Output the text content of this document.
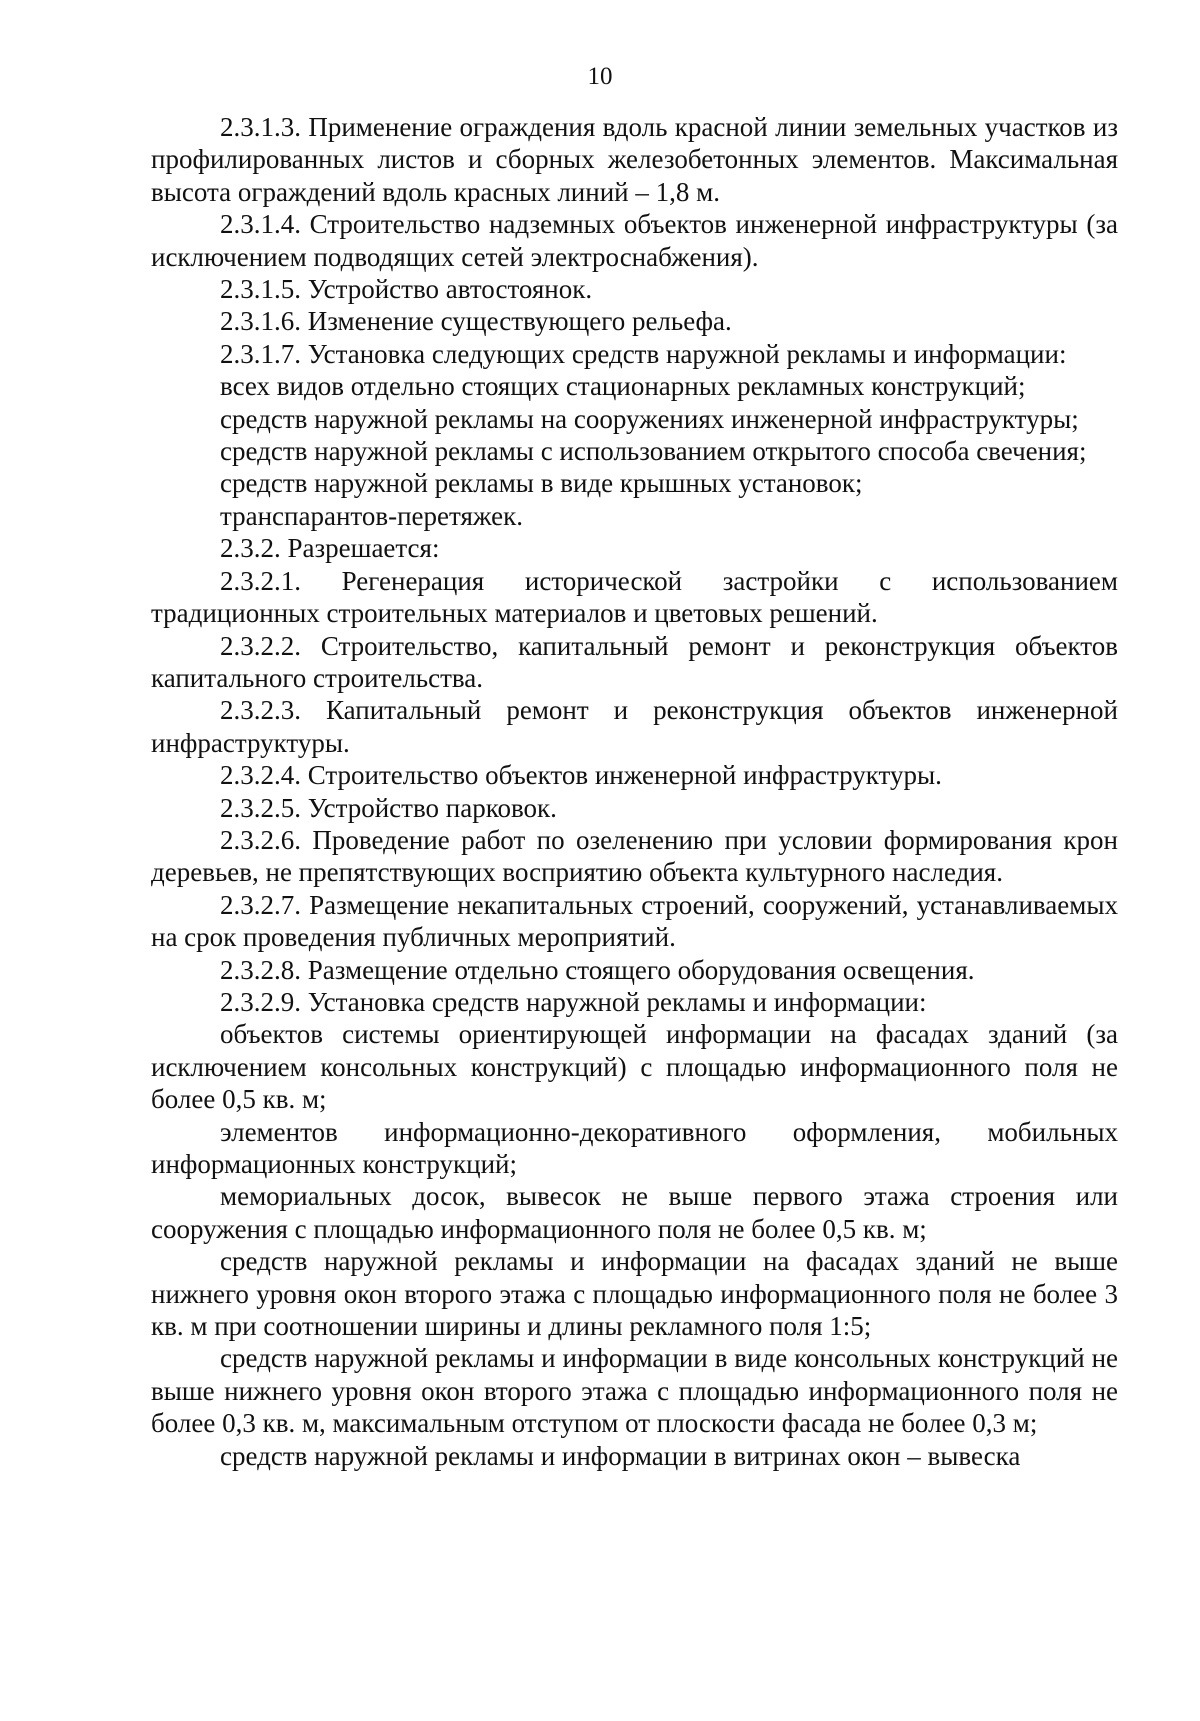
10

2.3.1.3. Применение ограждения вдоль красной линии земельных участков из профилированных листов и сборных железобетонных элементов. Максимальная высота ограждений вдоль красных линий – 1,8 м.

2.3.1.4. Строительство надземных объектов инженерной инфраструктуры (за исключением подводящих сетей электроснабжения).

2.3.1.5. Устройство автостоянок.

2.3.1.6. Изменение существующего рельефа.

2.3.1.7. Установка следующих средств наружной рекламы и информации:

всех видов отдельно стоящих стационарных рекламных конструкций;

средств наружной рекламы на сооружениях инженерной инфраструктуры;

средств наружной рекламы с использованием открытого способа свечения;

средств наружной рекламы в виде крышных установок;

транспарантов-перетяжек.

2.3.2. Разрешается:

2.3.2.1. Регенерация исторической застройки с использованием традиционных строительных материалов и цветовых решений.

2.3.2.2. Строительство, капитальный ремонт и реконструкция объектов капитального строительства.

2.3.2.3. Капитальный ремонт и реконструкция объектов инженерной инфраструктуры.

2.3.2.4. Строительство объектов инженерной инфраструктуры.

2.3.2.5. Устройство парковок.

2.3.2.6. Проведение работ по озеленению при условии формирования крон деревьев, не препятствующих восприятию объекта культурного наследия.

2.3.2.7. Размещение некапитальных строений, сооружений, устанавливаемых на срок проведения публичных мероприятий.

2.3.2.8. Размещение отдельно стоящего оборудования освещения.

2.3.2.9. Установка средств наружной рекламы и информации:

объектов системы ориентирующей информации на фасадах зданий (за исключением консольных конструкций) с площадью информационного поля не более 0,5 кв. м;

элементов информационно-декоративного оформления, мобильных информационных конструкций;

мемориальных досок, вывесок не выше первого этажа строения или сооружения с площадью информационного поля не более 0,5 кв. м;

средств наружной рекламы и информации на фасадах зданий не выше нижнего уровня окон второго этажа с площадью информационного поля не более 3 кв. м при соотношении ширины и длины рекламного поля 1:5;

средств наружной рекламы и информации в виде консольных конструкций не выше нижнего уровня окон второго этажа с площадью информационного поля не более 0,3 кв. м, максимальным отступом от плоскости фасада не более 0,3 м;

средств наружной рекламы и информации в витринах окон – вывеска
